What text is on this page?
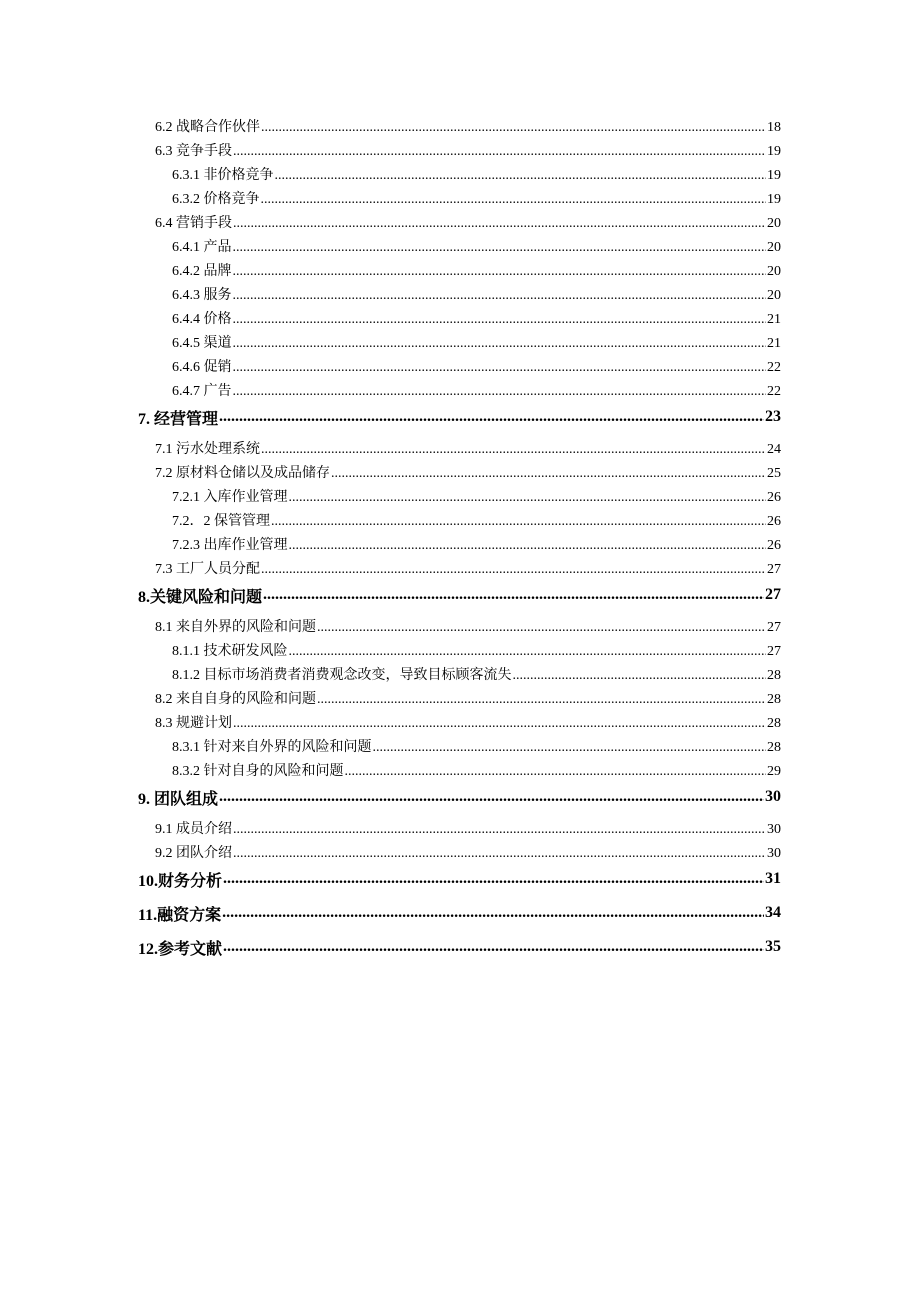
6.2 战略合作伙伴 .....	18
6.3 竞争手段 .....	19
6.3.1 非价格竞争 .....	19
6.3.2 价格竞争 .....	19
6.4 营销手段 .....	20
6.4.1 产品 .....	20
6.4.2 品牌 .....	20
6.4.3 服务 .....	20
6.4.4 价格 .....	21
6.4.5 渠道 .....	21
6.4.6 促销 .....	22
6.4.7 广告 .....	22
7. 经营管理 .....	23
7.1 污水处理系统 .....	24
7.2 原材料仓储以及成品储存 .....	25
7.2.1 入库作业管理 .....	26
7.2．2 保管管理 .....	26
7.2.3 出库作业管理 .....	26
7.3 工厂人员分配 .....	27
8.关键风险和问题 .....	27
8.1 来自外界的风险和问题 .....	27
8.1.1 技术研发风险 .....	27
8.1.2 目标市场消费者消费观念改变，导致目标顾客流失 .....	28
8.2 来自自身的风险和问题 .....	28
8.3 规避计划 .....	28
8.3.1 针对来自外界的风险和问题 .....	28
8.3.2 针对自身的风险和问题 .....	29
9. 团队组成 .....	30
9.1 成员介绍 .....	30
9.2 团队介绍 .....	30
10.财务分析 .....	31
11.融资方案 .....	34
12.参考文献 .....	35
